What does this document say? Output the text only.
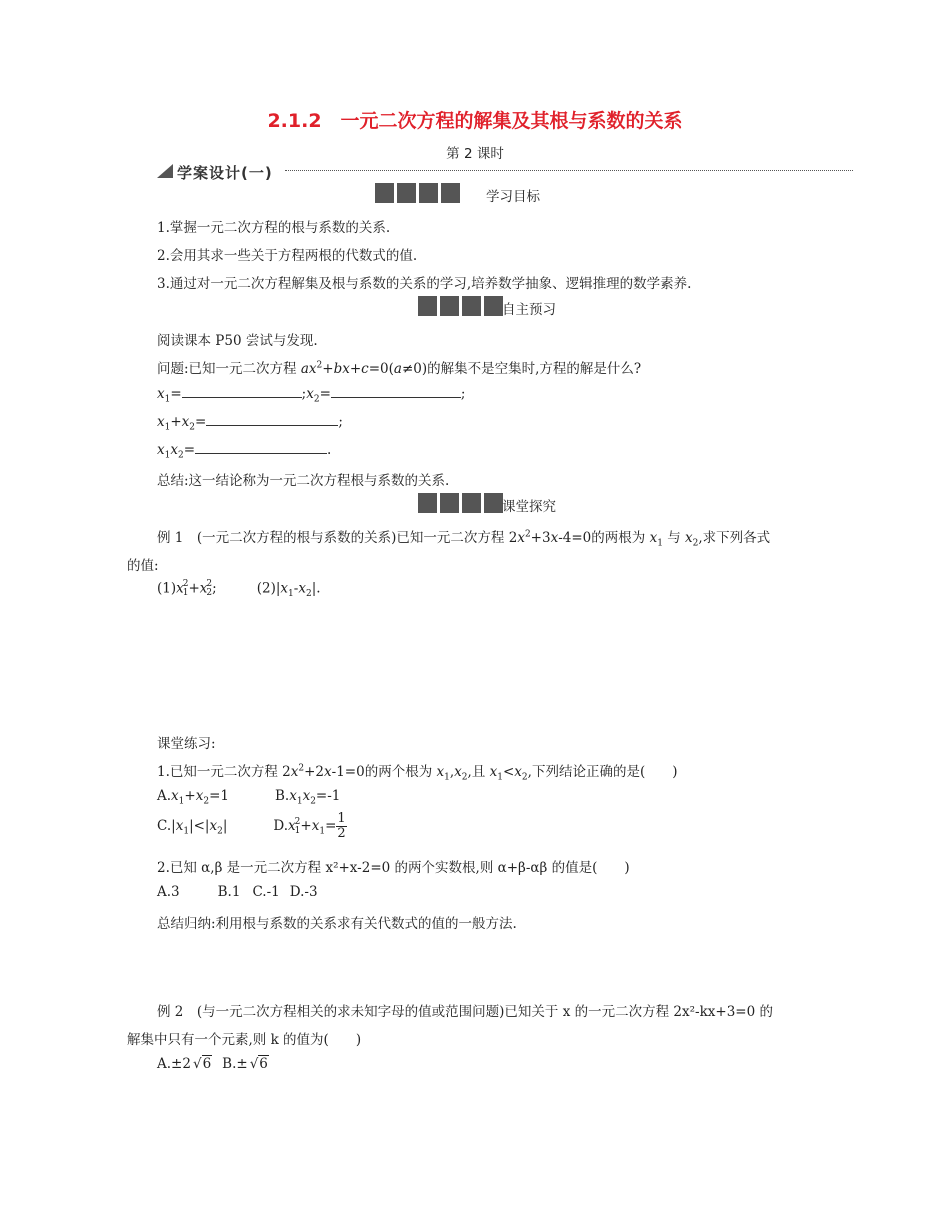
2.1.2　一元二次方程的解集及其根与系数的关系
第 2 课时
学案设计(一)
学习目标
1.掌握一元二次方程的根与系数的关系.
2.会用其求一些关于方程两根的代数式的值.
3.通过对一元二次方程解集及根与系数的关系的学习,培养数学抽象、逻辑推理的数学素养.
自主预习
阅读课本 P50 尝试与发现.
问题:已知一元二次方程 $ax^2+bx+c=0(a\ne 0)$的解集不是空集时,方程的解是什么?
$x_1=$	$;x_2=$	;
$x_1+x_2=$	;
$x_1x_2=$	.
总结:这一结论称为一元二次方程根与系数的关系.
课堂探究
例 1　 (一元二次方程的根与系数的关系)已知一元二次方程 $2x^2+3x-4=0$的两根为 $x_1$ 与 $x_2$,求下列各式
的值:
(1)x 2
1 +x 2
2 ;	$(2)|x_1-x_2|$.
课堂练习:
1.已知一元二次方程 $2x^2+2x-1=0$的两个根为 $x_1,x_2$,且 $x_1<x_2$,下列结论正确的是(　　)
$A.x_1+x_2=1$	$B.x_1x_2=-1$
$C.|x_1|<|x_2|$	D.x 2
$1 +x_1= \frac{1}{2}$
2.已知 α,β 是一元二次方程 x²+x-2=0 的两个实数根,则 α+β-αβ 的值是(　　)
A.3	B.1 C.-1 D.-3
总结归纳:利用根与系数的关系求有关代数式的值的一般方法.
例 2　 (与一元二次方程相关的求未知字母的值或范围问题)已知关于 x 的一元二次方程 2x²-kx+3=0 的
解集中只有一个元素,则 k 的值为(　　)
A.±2 √6 B.± √6
